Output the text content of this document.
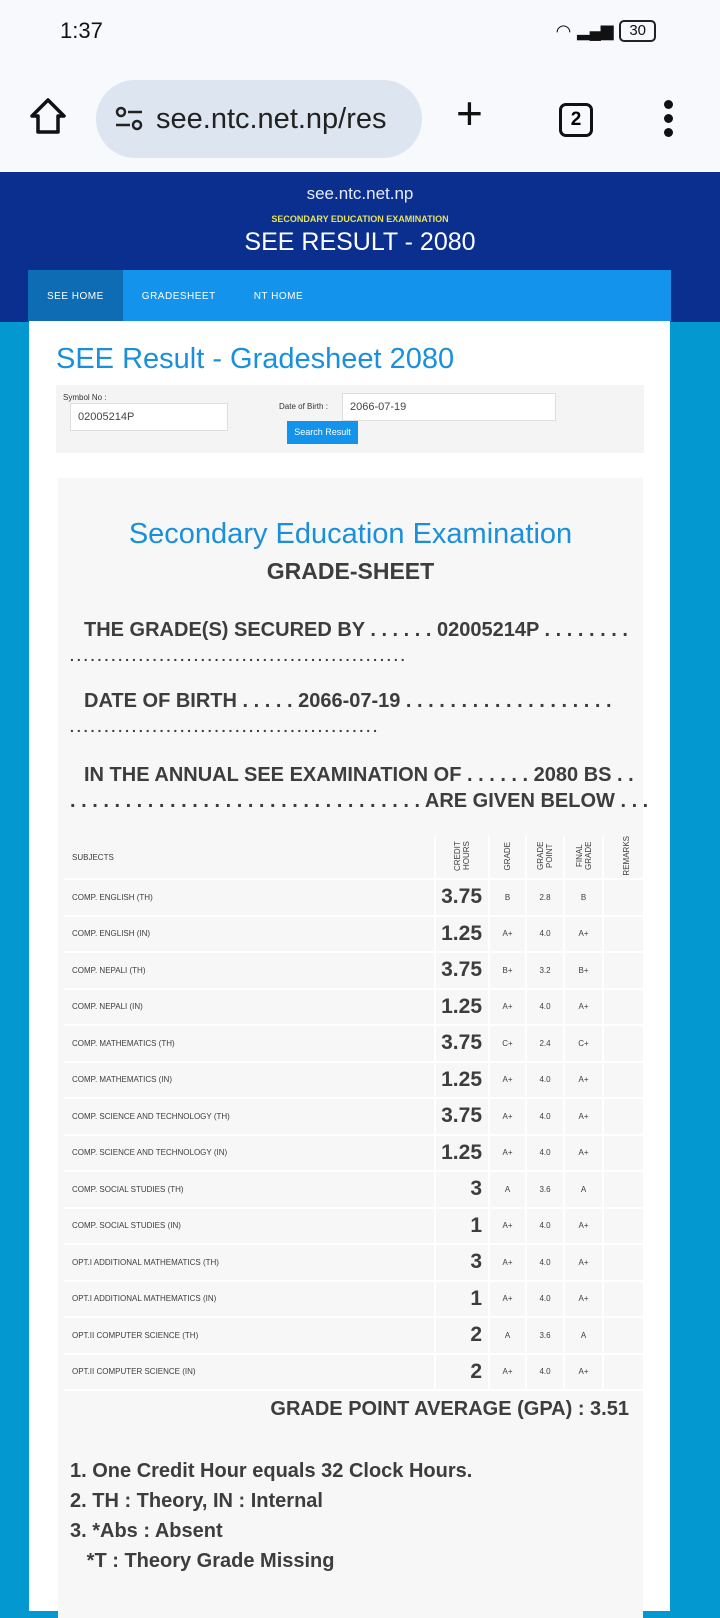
1:37	◠ ▂▄▆	30
see.ntc.net.np/res +	2
see.ntc.net.np
SECONDARY EDUCATION EXAMINATION
SEE RESULT - 2080
SEE HOME	GRADESHEET	NT HOME
SEE Result - Gradesheet 2080
Symbol No :
02005214P
Date of Birth :	2066-07-19
Search Result
Secondary Education Examination
GRADE-SHEET
THE GRADE(S) SECURED BY . . . . . . 02005214P . . . . . . . .
.................................................
DATE OF BIRTH . . . . . 2066-07-19 . . . . . . . . . . . . . . . . . . .
.............................................
IN THE ANNUAL SEE EXAMINATION OF . . . . . . 2080 BS . .
. . . . . . . . . . . . . . . . . . . . . . . . . . . . . . . . ARE GIVEN BELOW . . .
SUBJECTS	CREDIT HOURS	GRADE	GRADE POINT	FINAL GRADE	REMARKS
COMP. ENGLISH (TH)	3.75	B	2.8	B	
COMP. ENGLISH (IN)	1.25	A+	4.0	A+	
COMP. NEPALI (TH)	3.75	B+	3.2	B+	
COMP. NEPALI (IN)	1.25	A+	4.0	A+	
COMP. MATHEMATICS (TH)	3.75	C+	2.4	C+	
COMP. MATHEMATICS (IN)	1.25	A+	4.0	A+	
COMP. SCIENCE AND TECHNOLOGY (TH)	3.75	A+	4.0	A+	
COMP. SCIENCE AND TECHNOLOGY (IN)	1.25	A+	4.0	A+	
COMP. SOCIAL STUDIES (TH)	3	A	3.6	A	
COMP. SOCIAL STUDIES (IN)	1	A+	4.0	A+	
OPT.I ADDITIONAL MATHEMATICS (TH)	3	A+	4.0	A+	
OPT.I ADDITIONAL MATHEMATICS (IN)	1	A+	4.0	A+	
OPT.II COMPUTER SCIENCE (TH)	2	A	3.6	A	
OPT.II COMPUTER SCIENCE (IN)	2	A+	4.0	A+	
GRADE POINT AVERAGE (GPA) : 3.51
1. One Credit Hour equals 32 Clock Hours.
2. TH : Theory, IN : Internal
3. *Abs : Absent
*T : Theory Grade Missing
